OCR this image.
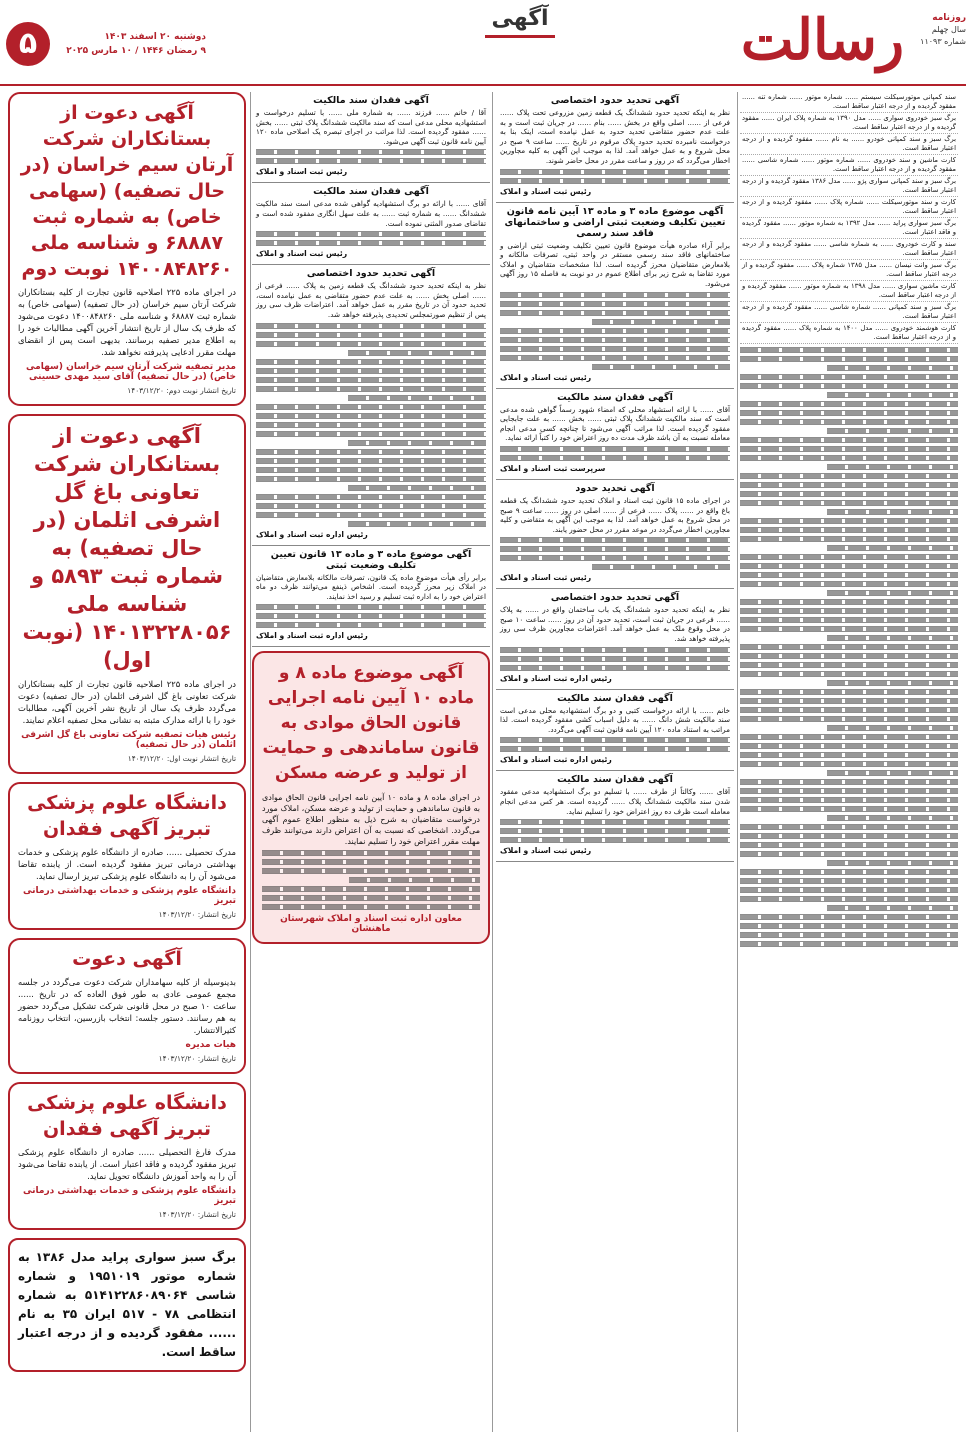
روزنامه
سال چهلم
شماره ۱۱۰۹۳
رسالت
آگهی
دوشنبه ۲۰ اسفند ۱۴۰۳
۹ رمضان ۱۴۴۶ / ۱۰ مارس ۲۰۲۵
۵

سند کمپانی موتورسیکلت سیستم ...... شماره موتور ...... شماره تنه ...... مفقود گردیده و از درجه اعتبار ساقط است.

برگ سبز خودروی سواری ...... مدل ۱۳۹۰ به شماره پلاک ایران ...... مفقود گردیده و از درجه اعتبار ساقط است.

برگ سبز و سند کمپانی خودرو ...... به نام ...... مفقود گردیده و از درجه اعتبار ساقط است.

کارت ماشین و سند خودروی ...... شماره موتور ...... شماره شاسی ...... مفقود گردیده و از درجه اعتبار ساقط است.

برگ سبز و سند کمپانی سواری پژو ...... مدل ۱۳۸۶ مفقود گردیده و از درجه اعتبار ساقط است.

کارت و سند موتورسیکلت ...... شماره پلاک ...... مفقود گردیده و از درجه اعتبار ساقط است.

برگ سبز سواری پراید ...... مدل ۱۳۹۲ به شماره موتور ...... مفقود گردیده و فاقد اعتبار است.

سند و کارت خودروی ...... به شماره شاسی ...... مفقود گردیده و از درجه اعتبار ساقط است.

برگ سبز وانت نیسان ...... مدل ۱۳۸۵ شماره پلاک ...... مفقود گردیده و از درجه اعتبار ساقط است.

کارت ماشین سواری ...... مدل ۱۳۹۸ به شماره موتور ...... مفقود گردیده و از درجه اعتبار ساقط است.

برگ سبز و سند کمپانی ...... شماره شاسی ...... مفقود گردیده و از درجه اعتبار ساقط است.

کارت هوشمند خودروی ...... مدل ۱۴۰۰ به شماره پلاک ...... مفقود گردیده و از درجه اعتبار ساقط است.

آگهی تحدید حدود اختصاصی

نظر به اینکه تحدید حدود ششدانگ یک قطعه زمین مزروعی تحت پلاک ...... فرعی از ...... اصلی واقع در بخش ...... بنام ...... در جریان ثبت است و به علت عدم حضور متقاضی تحدید حدود به عمل نیامده است، اینک بنا به درخواست نامبرده تحدید حدود پلاک مرقوم در تاریخ ...... ساعت ۹ صبح در محل شروع و به عمل خواهد آمد. لذا به موجب این آگهی به کلیه مجاورین اخطار می‌گردد که در روز و ساعت مقرر در محل حاضر شوند.

رئیس ثبت اسناد و املاک
آگهی موضوع ماده ۳ و ماده ۱۳ آیین نامه قانون تعیین تکلیف وضعیت ثبتی اراضی و ساختمانهای فاقد سند رسمی

برابر آراء صادره هیأت موضوع قانون تعیین تکلیف وضعیت ثبتی اراضی و ساختمانهای فاقد سند رسمی مستقر در واحد ثبتی، تصرفات مالکانه و بلامعارض متقاضیان محرز گردیده است. لذا مشخصات متقاضیان و املاک مورد تقاضا به شرح زیر برای اطلاع عموم در دو نوبت به فاصله ۱۵ روز آگهی می‌شود.

رئیس ثبت اسناد و املاک
آگهی فقدان سند مالکیت

آقای ...... با ارائه استشهاد محلی که امضاء شهود رسماً گواهی شده مدعی است که سند مالکیت ششدانگ پلاک ثبتی ...... بخش ...... به علت جابجایی مفقود گردیده است. لذا مراتب آگهی می‌شود تا چنانچه کسی مدعی انجام معامله نسبت به آن باشد ظرف مدت ده روز اعتراض خود را کتباً ارائه نماید.

سرپرست ثبت اسناد و املاک
آگهی تحدید حدود

در اجرای ماده ۱۵ قانون ثبت اسناد و املاک تحدید حدود ششدانگ یک قطعه باغ واقع در ...... پلاک ...... فرعی از ...... اصلی در روز ...... ساعت ۹ صبح در محل شروع به عمل خواهد آمد. لذا به موجب این آگهی به متقاضی و کلیه مجاورین اخطار می‌گردد در موعد مقرر در محل حضور یابند.

رئیس ثبت اسناد و املاک
آگهی تحدید حدود اختصاصی

نظر به اینکه تحدید حدود ششدانگ یک باب ساختمان واقع در ...... به پلاک ...... فرعی در جریان ثبت است، تحدید حدود آن در روز ...... ساعت ۱۰ صبح در محل وقوع ملک به عمل خواهد آمد. اعتراضات مجاورین ظرف سی روز پذیرفته خواهد شد.

رئیس اداره ثبت اسناد و املاک
آگهی فقدان سند مالکیت

خانم ...... با ارائه درخواست کتبی و دو برگ استشهادیه محلی مدعی است سند مالکیت شش دانگ ...... به دلیل اسباب کشی مفقود گردیده است. لذا مراتب به استناد ماده ۱۲۰ آیین نامه قانون ثبت آگهی می‌گردد.

رئیس اداره ثبت اسناد و املاک
آگهی فقدان سند مالکیت

آقای ...... وکالتاً از طرف ...... با تسلیم دو برگ استشهادیه مدعی مفقود شدن سند مالکیت ششدانگ پلاک ...... گردیده است. هر کس مدعی انجام معامله است ظرف ده روز اعتراض خود را تسلیم نماید.

رئیس ثبت اسناد و املاک
آگهی فقدان سند مالکیت

آقا / خانم ...... فرزند ...... به شماره ملی ...... با تسلیم درخواست و استشهادیه محلی مدعی است که سند مالکیت ششدانگ پلاک ثبتی ...... بخش ...... مفقود گردیده است. لذا مراتب در اجرای تبصره یک اصلاحی ماده ۱۲۰ آیین نامه قانون ثبت آگهی می‌شود.

رئیس ثبت اسناد و املاک
آگهی فقدان سند مالکیت

آقای ...... با ارائه دو برگ استشهادیه گواهی شده مدعی است سند مالکیت ششدانگ ...... به شماره ثبت ...... به علت سهل انگاری مفقود شده است و تقاضای صدور المثنی نموده است.

رئیس ثبت اسناد و املاک
آگهی تحدید حدود اختصاصی

نظر به اینکه تحدید حدود ششدانگ یک قطعه زمین به پلاک ...... فرعی از ...... اصلی بخش ...... به علت عدم حضور متقاضی به عمل نیامده است، تحدید حدود آن در تاریخ مقرر به عمل خواهد آمد. اعتراضات ظرف سی روز پس از تنظیم صورتمجلس تحدیدی پذیرفته خواهد شد.

رئیس اداره ثبت اسناد و املاک
آگهی موضوع ماده ۳ و ماده ۱۳ قانون تعیین تکلیف وضعیت ثبتی

برابر رأی هیأت موضوع ماده یک قانون، تصرفات مالکانه بلامعارض متقاضیان در املاک زیر محرز گردیده است. اشخاص ذینفع می‌توانند ظرف دو ماه اعتراض خود را به اداره ثبت تسلیم و رسید اخذ نمایند.

رئیس اداره ثبت اسناد و املاک
آگهی موضوع ماده ۸ و ماده ۱۰ آیین نامه اجرایی قانون الحاق موادی به قانون ساماندهی و حمایت از تولید و عرضه مسکن
در اجرای ماده ۸ و ماده ۱۰ آیین نامه اجرایی قانون الحاق موادی به قانون ساماندهی و حمایت از تولید و عرضه مسکن، املاک مورد درخواست متقاضیان به شرح ذیل به منظور اطلاع عموم آگهی می‌گردد. اشخاصی که نسبت به آن اعتراض دارند می‌توانند ظرف مهلت مقرر اعتراض خود را تسلیم نمایند.
معاون اداره ثبت اسناد و املاک شهرستان ماهنشان
آگهی دعوت از بستانکاران شرکت آرتان سیم خراسان (در حال تصفیه) (سهامی خاص) به شماره ثبت ۶۸۸۸۷ و شناسه ملی ۱۴۰۰۸۴۸۲۶۰ نوبت دوم
در اجرای ماده ۲۲۵ اصلاحیه قانون تجارت از کلیه بستانکاران شرکت آرتان سیم خراسان (در حال تصفیه) (سهامی خاص) به شماره ثبت ۶۸۸۸۷ و شناسه ملی ۱۴۰۰۸۴۸۲۶۰ دعوت می‌شود که ظرف یک سال از تاریخ انتشار آخرین آگهی مطالبات خود را به اطلاع مدیر تصفیه برسانند. بدیهی است پس از انقضای مهلت مقرر ادعایی پذیرفته نخواهد شد.
مدیر تصفیه شرکت آرتان سیم خراسان (سهامی خاص) (در حال تصفیه) آقای سید مهدی حسینی
تاریخ انتشار نوبت دوم: ۱۴۰۳/۱۲/۲۰
آگهی دعوت از بستانکاران شرکت تعاونی باغ گل اشرفی اثلمان (در حال تصفیه) به شماره ثبت ۵۸۹۳ و شناسه ملی ۱۴۰۱۳۲۲۸۰۵۶ (نوبت اول)
در اجرای ماده ۲۲۵ اصلاحیه قانون تجارت از کلیه بستانکاران شرکت تعاونی باغ گل اشرفی اثلمان (در حال تصفیه) دعوت می‌گردد ظرف یک سال از تاریخ نشر آخرین آگهی، مطالبات خود را با ارائه مدارک مثبته به نشانی محل تصفیه اعلام نمایند.
رئیس هیات تصفیه شرکت تعاونی باغ گل اشرفی اثلمان (در حال تصفیه)
تاریخ انتشار نوبت اول: ۱۴۰۳/۱۲/۲۰
دانشگاه علوم پزشکی تبریز آگهی فقدان
مدرک تحصیلی ...... صادره از دانشگاه علوم پزشکی و خدمات بهداشتی درمانی تبریز مفقود گردیده است. از یابنده تقاضا می‌شود آن را به دانشگاه علوم پزشکی تبریز ارسال نماید.
دانشگاه علوم پزشکی و خدمات بهداشتی درمانی تبریز
تاریخ انتشار: ۱۴۰۳/۱۲/۲۰
آگهی دعوت
بدینوسیله از کلیه سهامداران شرکت دعوت می‌گردد در جلسه مجمع عمومی عادی به طور فوق العاده که در تاریخ ...... ساعت ۱۰ صبح در محل قانونی شرکت تشکیل می‌گردد حضور به هم رسانند. دستور جلسه: انتخاب بازرسین، انتخاب روزنامه کثیرالانتشار.
هیات مدیره
تاریخ انتشار: ۱۴۰۳/۱۲/۲۰
دانشگاه علوم پزشکی تبریز آگهی فقدان
مدرک فارغ التحصیلی ...... صادره از دانشگاه علوم پزشکی تبریز مفقود گردیده و فاقد اعتبار است. از یابنده تقاضا می‌شود آن را به واحد آموزش دانشگاه تحویل نماید.
دانشگاه علوم پزشکی و خدمات بهداشتی درمانی تبریز
تاریخ انتشار: ۱۴۰۳/۱۲/۲۰
برگ سبز سواری پراید مدل ۱۳۸۶ به شماره موتور ۱۹۵۱۰۱۹ و شماره شاسی ۵۱۴۱۲۲۸۶۰۸۹۰۶۴ به شماره انتظامی ۷۸ - ۵۱۷ ایران ۳۵ به نام ...... مفقود گردیده و از درجه اعتبار ساقط است.
